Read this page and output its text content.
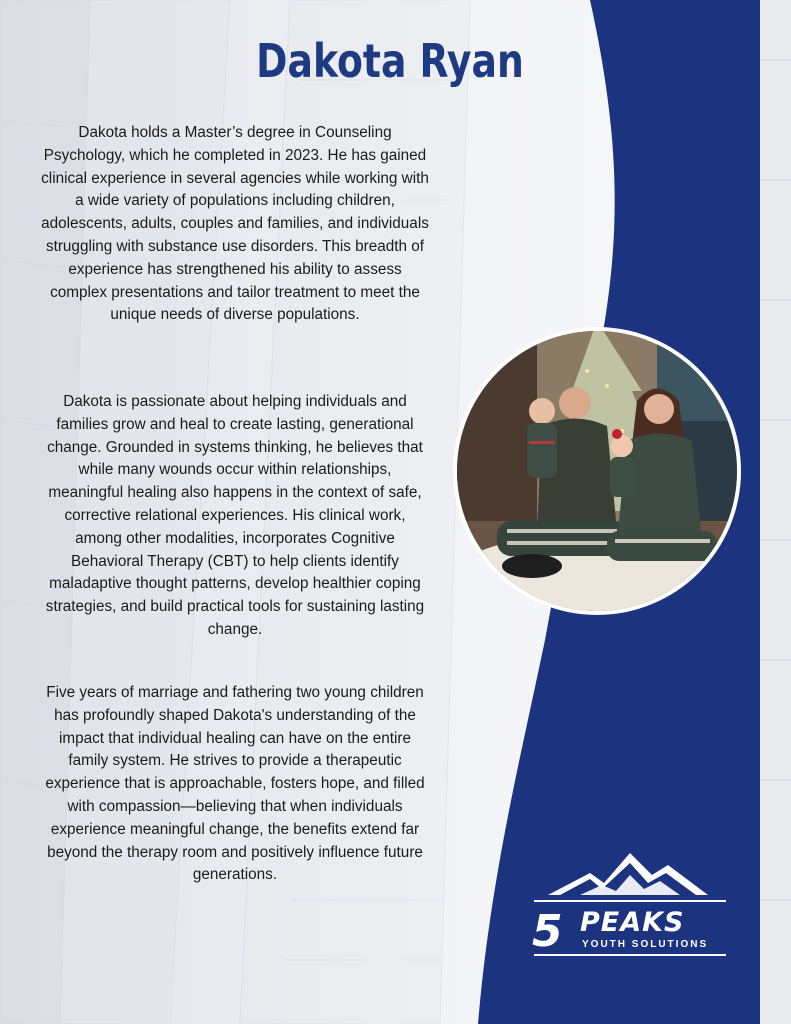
Dakota Ryan

Dakota holds a Master’s degree in Counseling Psychology, which he completed in 2023. He has gained clinical experience in several agencies while working with a wide variety of populations including children, adolescents, adults, couples and families, and individuals struggling with substance use disorders. This breadth of experience has strengthened his ability to assess complex presentations and tailor treatment to meet the unique needs of diverse populations.

Dakota is passionate about helping individuals and families grow and heal to create lasting, generational change. Grounded in systems thinking, he believes that while many wounds occur within relationships, meaningful healing also happens in the context of safe, corrective relational experiences. His clinical work, among other modalities, incorporates Cognitive Behavioral Therapy (CBT) to help clients identify maladaptive thought patterns, develop healthier coping strategies, and build practical tools for sustaining lasting change.

Five years of marriage and fathering two young children has profoundly shaped Dakota's understanding of the impact that individual healing can have on the entire family system. He strives to provide a therapeutic experience that is approachable, fosters hope, and filled with compassion—believing that when individuals experience meaningful change, the benefits extend far beyond the therapy room and positively influence future generations.

5 PEAKS
YOUTH SOLUTIONS
